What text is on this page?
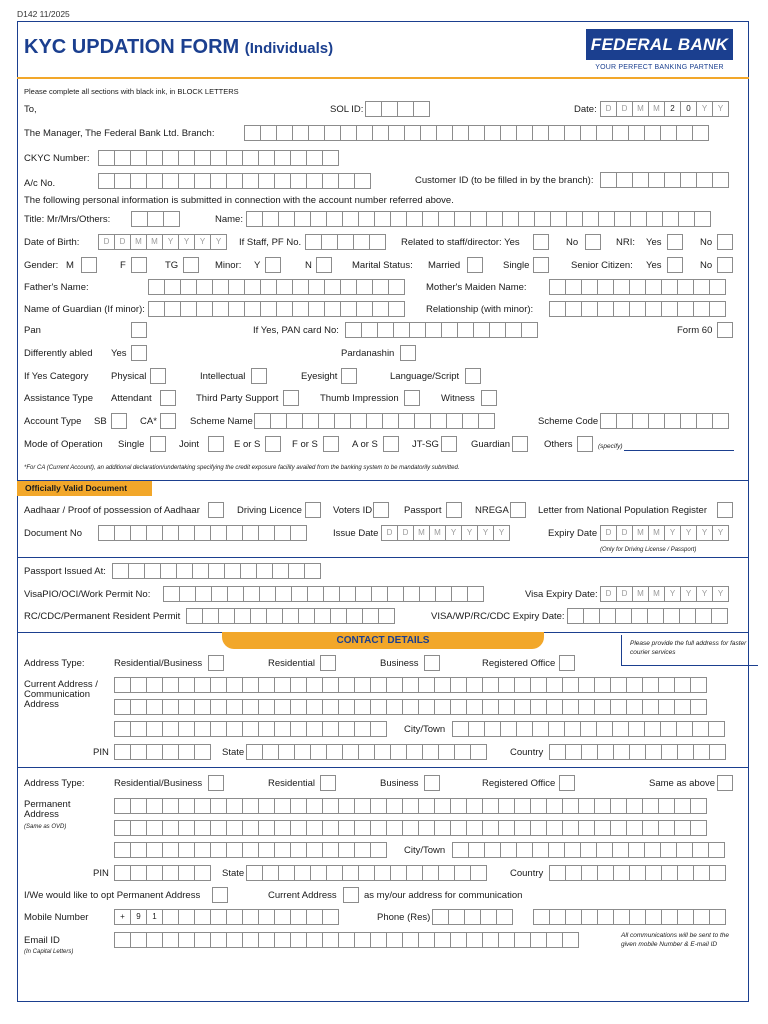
D142 11/2025
KYC UPDATION FORM (Individuals)	FEDERAL BANK
YOUR PERFECT BANKING PARTNER
Please complete all sections with black ink, in BLOCK LETTERS
To,	SOL ID:	Date:	D	D	M	M	2	0	Y	Y
The Manager, The Federal Bank Ltd. Branch:
CKYC Number:
A/c No.	Customer ID (to be filled in by the branch):
The following personal information is submitted in connection with the account number referred above.
Title: Mr/Mrs/Others:	Name:
Date of Birth:	D	D	M	M	Y	Y	Y	Y	If Staff, PF No.	Related to staff/director: Yes	No	NRI: Yes	No
Gender: M	F	TG	Minor: Y	N	Marital Status: Married	Single	Senior Citizen: Yes	No
Father's Name:	Mother's Maiden Name:
Name of Guardian (If minor):	Relationship (with minor):
Pan	If Yes, PAN card No:	Form 60
Differently abled Yes	Pardanashin
If Yes Category Physical	Intellectual	Eyesight	Language/Script
Assistance Type Attendant	Third Party Support	Thumb Impression	Witness
Account Type SB	CA*	Scheme Name	Scheme Code
Mode of Operation Single	Joint	E or S	F or S	A or S	JT-SG	Guardian	Others	(specify)
*For CA (Current Account), an additional declaration/undertaking specifying the credit exposure facility availed from the banking system to be mandatorily submitted.
Officially Valid Document
Aadhaar / Proof of possession of Aadhaar	Driving Licence	Voters ID	Passport	NREGA	Letter from National Population Register
Document No	Issue Date	D	D	M	M	Y	Y	Y	Y	Expiry Date	D	D	M	M	Y	Y	Y	Y
(Only for Driving License / Passport)
Passport Issued At:
VisaPIO/OCI/Work Permit No:	Visa Expiry Date: D	D	M	M	Y	Y	Y	Y
RC/CDC/Permanent Resident Permit	VISA/WP/RC/CDC Expiry Date:
CONTACT DETAILS	Please provide the full address for faster courier services
Address Type:	Residential/Business	Residential	Business	Registered Office
Current Address / Communication Address
City/Town
PIN	State	Country
Address Type:	Residential/Business	Residential	Business	Registered Office	Same as above
Permanent Address
(Same as OVD)
City/Town
PIN	State	Country
I/We would like to opt Permanent Address	Current Address	as my/our address for communication
Mobile Number	+	9	1	Phone (Res)
Email ID
(In Capital Letters)
All communications will be sent to the given mobile Number & E-mail ID
